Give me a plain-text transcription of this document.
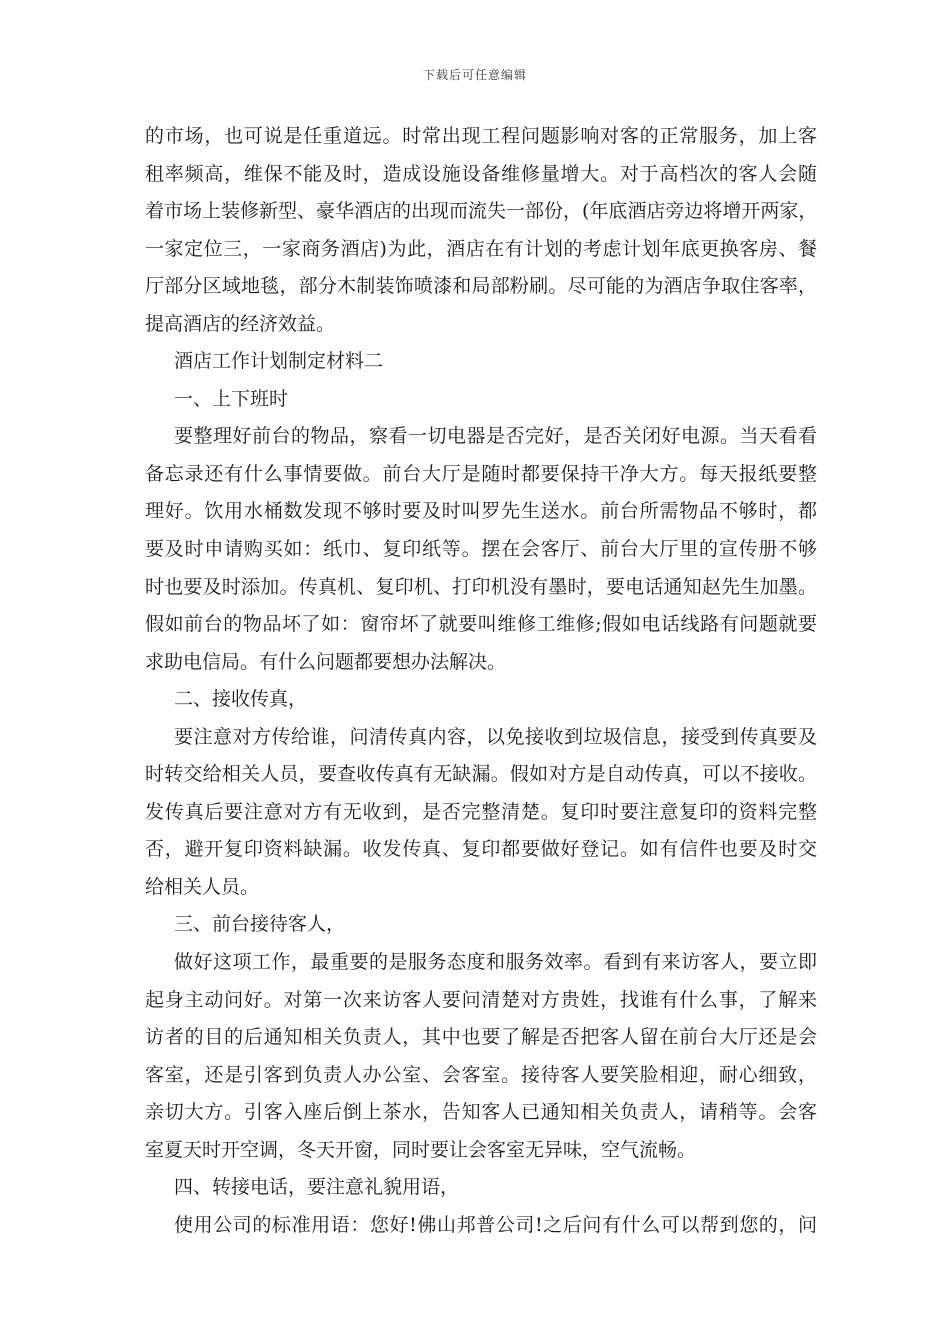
下载后可任意编辑
的市场，也可说是任重道远。时常出现工程问题影响对客的正常服务，加上客
租率频高，维保不能及时，造成设施设备维修量增大。对于高档次的客人会随
着市场上装修新型、豪华酒店的出现而流失一部份，(年底酒店旁边将增开两家，
一家定位三，一家商务酒店)为此，酒店在有计划的考虑计划年底更换客房、餐
厅部分区域地毯，部分木制装饰喷漆和局部粉刷。尽可能的为酒店争取住客率，
提高酒店的经济效益。
酒店工作计划制定材料二
一、上下班时
要整理好前台的物品，察看一切电器是否完好，是否关闭好电源。当天看看
备忘录还有什么事情要做。前台大厅是随时都要保持干净大方。每天报纸要整
理好。饮用水桶数发现不够时要及时叫罗先生送水。前台所需物品不够时，都
要及时申请购买如：纸巾、复印纸等。摆在会客厅、前台大厅里的宣传册不够
时也要及时添加。传真机、复印机、打印机没有墨时，要电话通知赵先生加墨。
假如前台的物品坏了如：窗帘坏了就要叫维修工维修;假如电话线路有问题就要
求助电信局。有什么问题都要想办法解决。
二、接收传真，
要注意对方传给谁，问清传真内容，以免接收到垃圾信息，接受到传真要及
时转交给相关人员，要查收传真有无缺漏。假如对方是自动传真，可以不接收。
发传真后要注意对方有无收到，是否完整清楚。复印时要注意复印的资料完整
否，避开复印资料缺漏。收发传真、复印都要做好登记。如有信件也要及时交
给相关人员。
三、前台接待客人，
做好这项工作，最重要的是服务态度和服务效率。看到有来访客人，要立即
起身主动问好。对第一次来访客人要问清楚对方贵姓，找谁有什么事，了解来
访者的目的后通知相关负责人，其中也要了解是否把客人留在前台大厅还是会
客室，还是引客到负责人办公室、会客室。接待客人要笑脸相迎，耐心细致，
亲切大方。引客入座后倒上茶水，告知客人已通知相关负责人，请稍等。会客
室夏天时开空调，冬天开窗，同时要让会客室无异味，空气流畅。
四、转接电话，要注意礼貌用语，
使用公司的标准用语：您好!佛山邦普公司!之后问有什么可以帮到您的，问
